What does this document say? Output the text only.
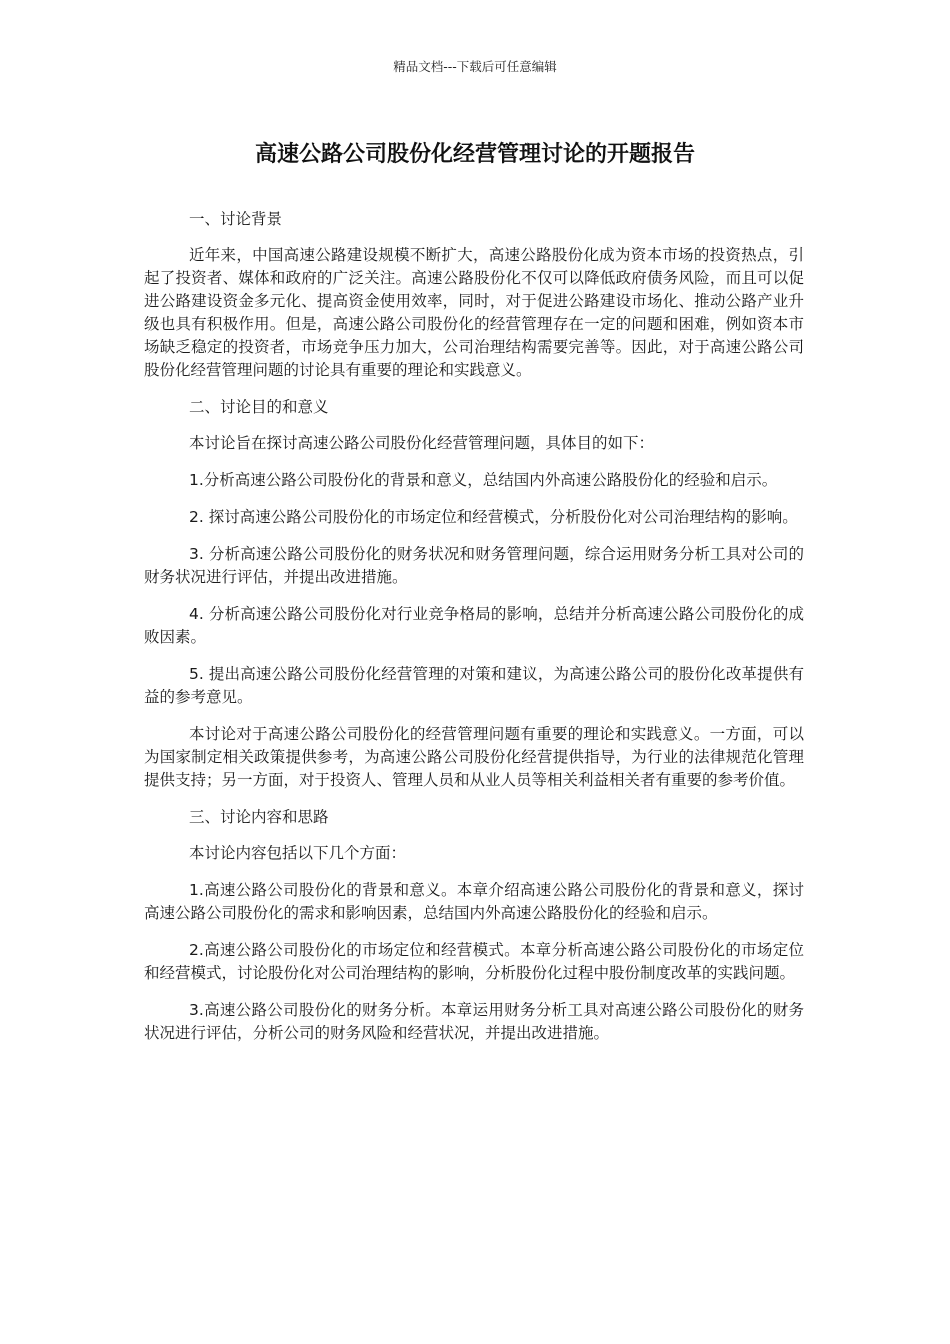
精品文档---下载后可任意编辑
高速公路公司股份化经营管理讨论的开题报告

一、讨论背景

近年来，中国高速公路建设规模不断扩大，高速公路股份化成为资本市场的投资热点，引起了投资者、媒体和政府的广泛关注。高速公路股份化不仅可以降低政府债务风险，而且可以促进公路建设资金多元化、提高资金使用效率，同时，对于促进公路建设市场化、推动公路产业升级也具有积极作用。但是，高速公路公司股份化的经营管理存在一定的问题和困难，例如资本市场缺乏稳定的投资者，市场竞争压力加大，公司治理结构需要完善等。因此，对于高速公路公司股份化经营管理问题的讨论具有重要的理论和实践意义。

二、讨论目的和意义

本讨论旨在探讨高速公路公司股份化经营管理问题，具体目的如下：

1.分析高速公路公司股份化的背景和意义，总结国内外高速公路股份化的经验和启示。

2. 探讨高速公路公司股份化的市场定位和经营模式，分析股份化对公司治理结构的影响。

3. 分析高速公路公司股份化的财务状况和财务管理问题，综合运用财务分析工具对公司的财务状况进行评估，并提出改进措施。

4. 分析高速公路公司股份化对行业竞争格局的影响，总结并分析高速公路公司股份化的成败因素。

5. 提出高速公路公司股份化经营管理的对策和建议，为高速公路公司的股份化改革提供有益的参考意见。

本讨论对于高速公路公司股份化的经营管理问题有重要的理论和实践意义。一方面，可以为国家制定相关政策提供参考，为高速公路公司股份化经营提供指导，为行业的法律规范化管理提供支持；另一方面，对于投资人、管理人员和从业人员等相关利益相关者有重要的参考价值。

三、讨论内容和思路

本讨论内容包括以下几个方面：

1.高速公路公司股份化的背景和意义。本章介绍高速公路公司股份化的背景和意义，探讨高速公路公司股份化的需求和影响因素，总结国内外高速公路股份化的经验和启示。

2.高速公路公司股份化的市场定位和经营模式。本章分析高速公路公司股份化的市场定位和经营模式，讨论股份化对公司治理结构的影响，分析股份化过程中股份制度改革的实践问题。

3.高速公路公司股份化的财务分析。本章运用财务分析工具对高速公路公司股份化的财务状况进行评估，分析公司的财务风险和经营状况，并提出改进措施。
